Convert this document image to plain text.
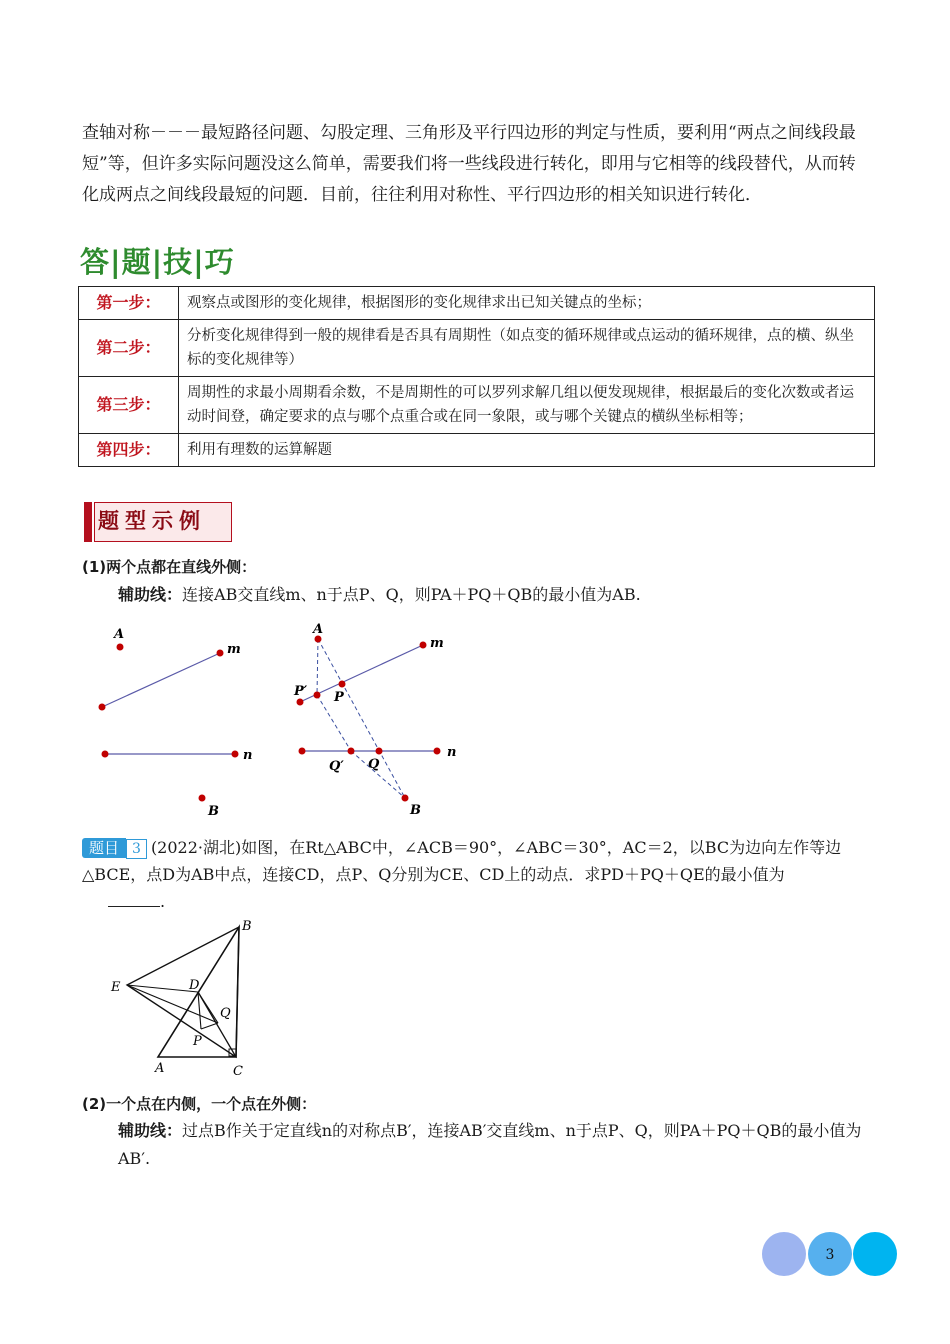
查轴对称－－－最短路径问题、勾股定理、三角形及平行四边形的判定与性质，要利用“两点之间线段最短”等，但许多实际问题没这么简单，需要我们将一些线段进行转化，即用与它相等的线段替代，从而转化成两点之间线段最短的问题．目前，往往利用对称性、平行四边形的相关知识进行转化．
答|题|技|巧
第一步：	观察点或图形的变化规律，根据图形的变化规律求出已知关键点的坐标；
第二步：	分析变化规律得到一般的规律看是否具有周期性（如点变的循环规律或点运动的循环规律，点的横、纵坐标的变化规律等）
第三步：	周期性的求最小周期看余数，不是周期性的可以罗列求解几组以便发现规律，根据最后的变化次数或者运动时间登，确定要求的点与哪个点重合或在同一象限，或与哪个关键点的横纵坐标相等；
第四步：	利用有理数的运算解题
题型示例
(1)两个点都在直线外侧：
辅助线：连接AB交直线m、n于点P、Q，则PA＋PQ＋QB的最小值为AB.
A
m
n
B
A
m
P′ P
n
Q′ Q
B
题目 3 (2022·湖北)如图，在Rt△ABC中，∠ACB＝90°，∠ABC＝30°，AC＝2，以BC为边向左作等边△BCE，点D为AB中点，连接CD，点P、Q分别为CE、CD上的动点．求PD＋PQ＋QE的最小值为
.
B
E	D
Q
P
A	C
(2)一个点在内侧，一个点在外侧：
辅助线：过点B作关于定直线n的对称点B′，连接AB′交直线m、n于点P、Q，则PA＋PQ＋QB的最小值为AB′.
3
